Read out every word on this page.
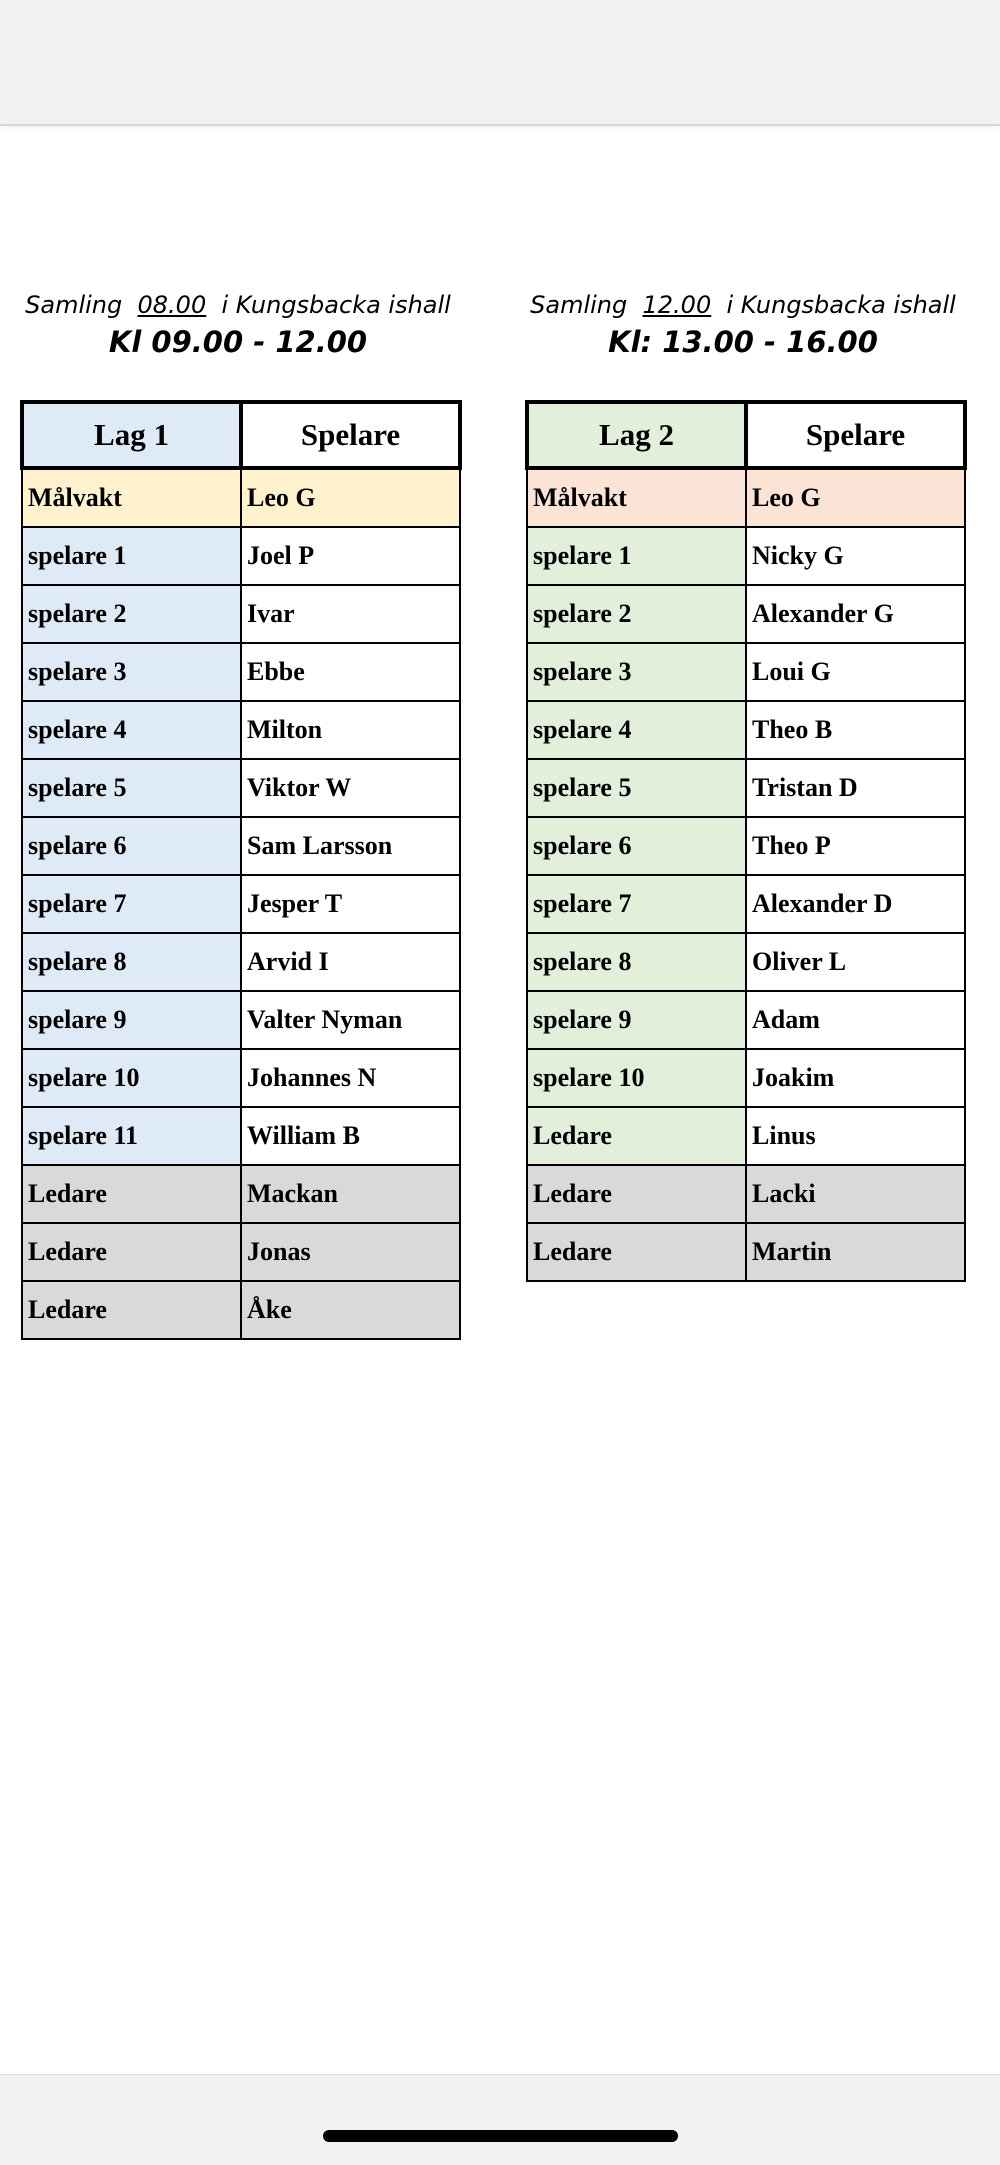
Samling 08.00 i Kungsbacka ishall
Kl 09.00 - 12.00
Samling 12.00 i Kungsbacka ishall
Kl: 13.00 - 16.00
Lag 1	Spelare
Målvakt	Leo G
spelare 1	Joel P
spelare 2	Ivar
spelare 3	Ebbe
spelare 4	Milton
spelare 5	Viktor W
spelare 6	Sam Larsson
spelare 7	Jesper T
spelare 8	Arvid I
spelare 9	Valter Nyman
spelare 10	Johannes N
spelare 11	William B
Ledare	Mackan
Ledare	Jonas
Ledare	Åke
Lag 2	Spelare
Målvakt	Leo G
spelare 1	Nicky G
spelare 2	Alexander G
spelare 3	Loui G
spelare 4	Theo B
spelare 5	Tristan D
spelare 6	Theo P
spelare 7	Alexander D
spelare 8	Oliver L
spelare 9	Adam
spelare 10	Joakim
Ledare	Linus
Ledare	Lacki
Ledare	Martin
